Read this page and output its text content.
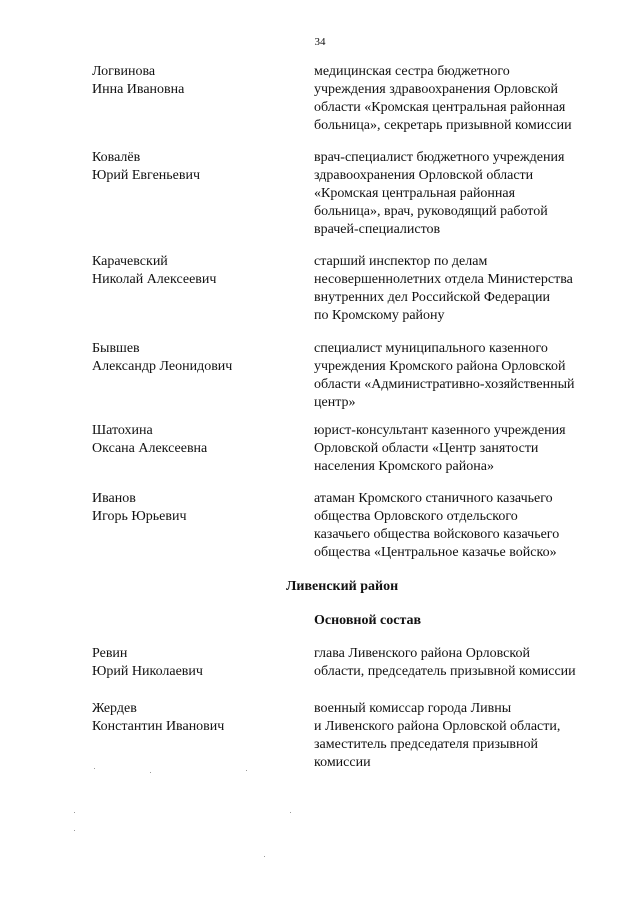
34
Логвинова
Инна Ивановна
медицинская сестра бюджетного
учреждения здравоохранения Орловской
области «Кромская центральная районная
больница», секретарь призывной комиссии
Ковалёв
Юрий Евгеньевич
врач-специалист бюджетного учреждения
здравоохранения Орловской области
«Кромская центральная районная
больница», врач, руководящий работой
врачей-специалистов
Карачевский
Николай Алексеевич
старший инспектор по делам
несовершеннолетних отдела Министерства
внутренних дел Российской Федерации
по Кромскому району
Бывшев
Александр Леонидович
специалист муниципального казенного
учреждения Кромского района Орловской
области «Административно-хозяйственный
центр»
Шатохина
Оксана Алексеевна
юрист-консультант казенного учреждения
Орловской области «Центр занятости
населения Кромского района»
Иванов
Игорь Юрьевич
атаман Кромского станичного казачьего
общества Орловского отдельского
казачьего общества войскового казачьего
общества «Центральное казачье войско»
Ливенский район
Основной состав
Ревин
Юрий Николаевич
глава Ливенского района Орловской
области, председатель призывной комиссии
Жердев
Константин Иванович
военный комиссар города Ливны
и Ливенского района Орловской области,
заместитель председателя призывной
комиссии
